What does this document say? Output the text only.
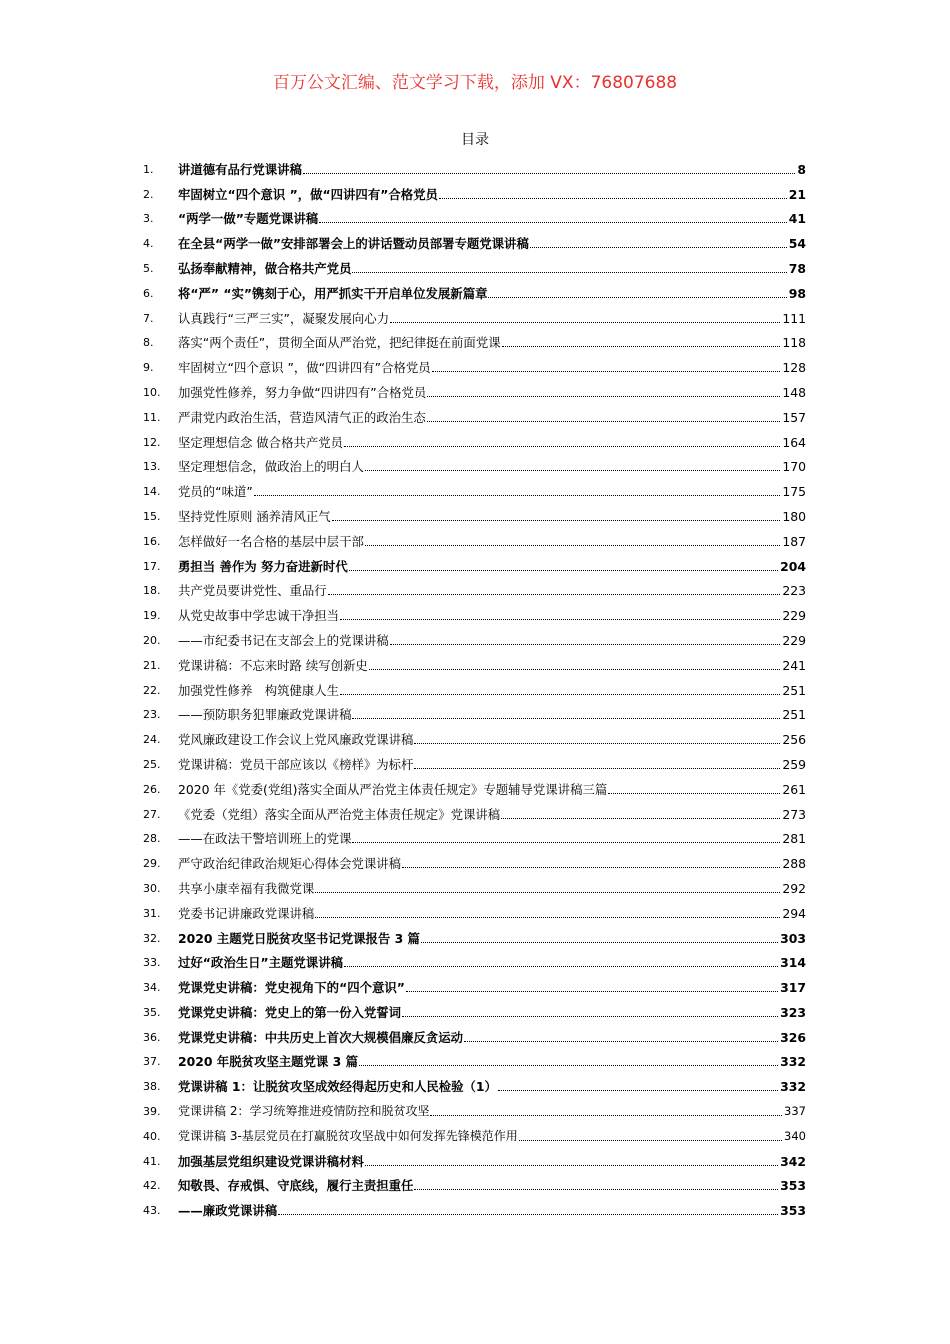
百万公文汇编、范文学习下载，添加 VX：76807688
目录
1.	讲道德有品行党课讲稿	8
2.	牢固树立“四个意识 ”，做“四讲四有”合格党员	21
3.	“两学一做”专题党课讲稿	41
4.	在全县“两学一做”安排部署会上的讲话暨动员部署专题党课讲稿	54
5.	弘扬奉献精神，做合格共产党员	78
6.	将“严” “实”镌刻于心，用严抓实干开启单位发展新篇章	98
7.	认真践行“三严三实”，凝聚发展向心力	111
8.	落实“两个责任”，贯彻全面从严治党，把纪律挺在前面党课	118
9.	牢固树立“四个意识 ”，做“四讲四有”合格党员	128
10.	加强党性修养，努力争做“四讲四有”合格党员	148
11.	严肃党内政治生活，营造风清气正的政治生态	157
12.	坚定理想信念 做合格共产党员	164
13.	坚定理想信念，做政治上的明白人	170
14.	党员的“味道”	175
15.	坚持党性原则 涵养清风正气	180
16.	怎样做好一名合格的基层中层干部	187
17.	勇担当 善作为 努力奋进新时代	204
18.	共产党员要讲党性、重品行	223
19.	从党史故事中学忠诚干净担当	229
20.	——市纪委书记在支部会上的党课讲稿	229
21.	党课讲稿：不忘来时路 续写创新史	241
22.	加强党性修养　构筑健康人生	251
23.	——预防职务犯罪廉政党课讲稿	251
24.	党风廉政建设工作会议上党风廉政党课讲稿	256
25.	党课讲稿：党员干部应该以《榜样》为标杆	259
26.	2020 年《党委(党组)落实全面从严治党主体责任规定》专题辅导党课讲稿三篇	261
27.	《党委（党组）落实全面从严治党主体责任规定》党课讲稿	273
28.	——在政法干警培训班上的党课	281
29.	严守政治纪律政治规矩心得体会党课讲稿	288
30.	共享小康幸福有我微党课	292
31.	党委书记讲廉政党课讲稿	294
32.	2020 主题党日脱贫攻坚书记党课报告 3 篇	303
33.	过好“政治生日”主题党课讲稿	314
34.	党课党史讲稿：党史视角下的“四个意识”	317
35.	党课党史讲稿：党史上的第一份入党誓词	323
36.	党课党史讲稿：中共历史上首次大规模倡廉反贪运动	326
37.	2020 年脱贫攻坚主题党课 3 篇	332
38.	党课讲稿 1：让脱贫攻坚成效经得起历史和人民检验（1）	332
39.	党课讲稿 2：学习统筹推进疫情防控和脱贫攻坚	337
40.	党课讲稿 3-基层党员在打赢脱贫攻坚战中如何发挥先锋模范作用	340
41.	加强基层党组织建设党课讲稿材料	342
42.	知敬畏、存戒惧、守底线，履行主责担重任	353
43.	——廉政党课讲稿	353
